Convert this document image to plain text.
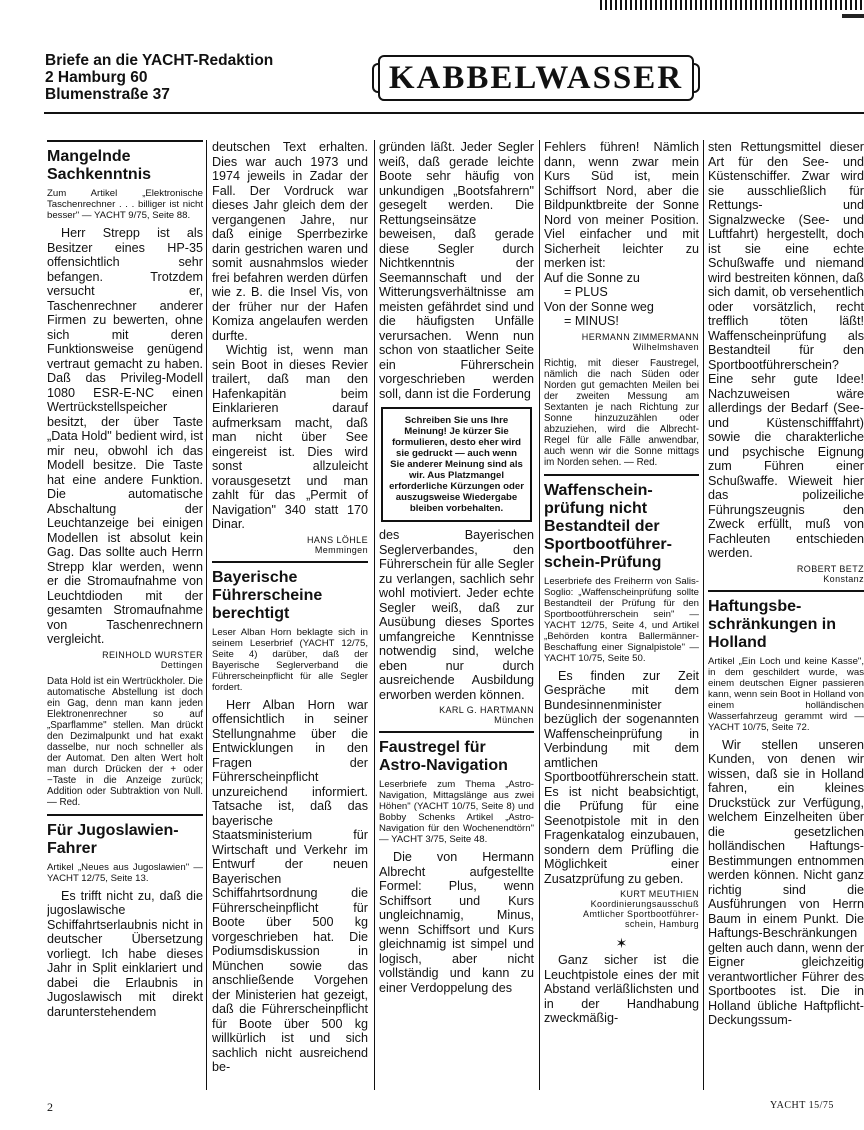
Briefe an die YACHT-Redaktion
2 Hamburg 60
Blumenstraße 37	KABBELWASSER
Mangelnde Sachkenntnis

Zum Artikel „Elektronische Taschenrechner . . . billiger ist nicht besser" — YACHT 9/75, Seite 88.

Herr Strepp ist als Besitzer eines HP-35 offensichtlich sehr befangen. Trotzdem versucht er, Taschenrechner anderer Firmen zu bewerten, ohne sich mit deren Funktionsweise genügend vertraut gemacht zu haben. Daß das Privileg-Modell 1080 ESR-E-NC einen Wertrückstellspeicher besitzt, der über Taste „Data Hold" bedient wird, ist mir neu, obwohl ich das Modell besitze. Die Taste hat eine andere Funktion. Die automatische Abschaltung der Leuchtanzeige bei einigen Modellen ist absolut kein Gag. Das sollte auch Herrn Strepp klar werden, wenn er die Stromaufnahme von Leuchtdioden mit der gesamten Stromaufnahme von Taschenrechnern vergleicht.

REINHOLD WURSTER
Dettingen

Data Hold ist ein Wertrückholer. Die automatische Abstellung ist doch ein Gag, denn man kann jeden Elektronenrechner so auf „Sparflamme" stellen. Man drückt den Dezimalpunkt und hat exakt dasselbe, nur noch schneller als der Automat. Den alten Wert holt man durch Drücken der + oder −Taste in die Anzeige zurück; Addition oder Subtraktion von Null. — Red.

Für Jugoslawien-Fahrer

Artikel „Neues aus Jugoslawien" — YACHT 12/75, Seite 13.

Es trifft nicht zu, daß die jugoslawische Schiffahrtserlaubnis nicht in deutscher Übersetzung vorliegt. Ich habe dieses Jahr in Split einklariert und dabei die Erlaubnis in Jugoslawisch mit direkt darunterstehendem

deutschen Text erhalten. Dies war auch 1973 und 1974 jeweils in Zadar der Fall. Der Vordruck war dieses Jahr gleich dem der vergangenen Jahre, nur daß einige Sperrbezirke darin gestrichen waren und somit ausnahmslos wieder frei befahren werden dürfen wie z. B. die Insel Vis, von der früher nur der Hafen Komiza angelaufen werden durfte.

Wichtig ist, wenn man sein Boot in dieses Revier trailert, daß man den Hafenkapitän beim Einklarieren darauf aufmerksam macht, daß man nicht über See eingereist ist. Dies wird sonst allzuleicht vorausgesetzt und man zahlt für das „Permit of Navigation" 340 statt 170 Dinar.

HANS LÖHLE
Memmingen
Bayerische Führerscheine berechtigt

Leser Alban Horn beklagte sich in seinem Leserbrief (YACHT 12/75, Seite 4) darüber, daß der Bayerische Seglerverband die Führerscheinpflicht für alle Segler fordert.

Herr Alban Horn war offensichtlich in seiner Stellungnahme über die Entwicklungen in den Fragen der Führerscheinpflicht unzureichend informiert. Tatsache ist, daß das bayerische Staatsministerium für Wirtschaft und Verkehr im Entwurf der neuen Bayerischen Schiffahrtsordnung die Führerscheinpflicht für Boote über 500 kg vorgeschrieben hat. Die Podiumsdiskussion in München sowie das anschließende Vorgehen der Ministerien hat gezeigt, daß die Führerscheinpflicht für Boote über 500 kg willkürlich ist und sich sachlich nicht ausreichend be-

gründen läßt. Jeder Segler weiß, daß gerade leichte Boote sehr häufig von unkundigen „Bootsfahrern" gesegelt werden. Die Rettungseinsätze beweisen, daß gerade diese Segler durch Nichtkenntnis der Seemannschaft und der Witterungsverhältnisse am meisten gefährdet sind und die häufigsten Unfälle verursachen. Wenn nun schon von staatlicher Seite ein Führerschein vorgeschrieben werden soll, dann ist die Forderung

Schreiben Sie uns Ihre Meinung! Je kürzer Sie formulieren, desto eher wird sie gedruckt — auch wenn Sie anderer Meinung sind als wir. Aus Platzmangel erforderliche Kürzungen oder auszugsweise Wiedergabe bleiben vorbehalten.

des Bayerischen Seglerverbandes, den Führerschein für alle Segler zu verlangen, sachlich sehr wohl motiviert. Jeder echte Segler weiß, daß zur Ausübung dieses Sportes umfangreiche Kenntnisse notwendig sind, welche eben nur durch ausreichende Ausbildung erworben werden können.

KARL G. HARTMANN
München
Faustregel für Astro-Navigation

Leserbriefe zum Thema „Astro-Navigation, Mittagslänge aus zwei Höhen" (YACHT 10/75, Seite 8) und Bobby Schenks Artikel „Astro-Navigation für den Wochenendtörn" — YACHT 3/75, Seite 48.

Die von Hermann Albrecht aufgestellte Formel: Plus, wenn Schiffsort und Kurs ungleichnamig, Minus, wenn Schiffsort und Kurs gleichnamig ist simpel und logisch, aber nicht vollständig und kann zu einer Verdoppelung des

Fehlers führen! Nämlich dann, wenn zwar mein Kurs Süd ist, mein Schiffsort Nord, aber die Bildpunktbreite der Sonne Nord von meiner Position. Viel einfacher und mit Sicherheit leichter zu merken ist:

Auf die Sonne zu
= PLUS
Von der Sonne weg
= MINUS!
HERMANN ZIMMERMANN
Wilhelmshaven

Richtig, mit dieser Faustregel, nämlich die nach Süden oder Norden gut gemachten Meilen bei der zweiten Messung am Sextanten je nach Richtung zur Sonne hinzuzuzählen oder abzuziehen, wird die Albrecht-Regel für alle Fälle anwendbar, auch wenn wir die Sonne mittags im Norden sehen. — Red.

Waffenschein-prüfung nicht Bestandteil der Sportbootführer-schein-Prüfung

Leserbriefe des Freiherrn von Salis-Soglio: „Waffenscheinprüfung sollte Bestandteil der Prüfung für den Sportbootführerschein sein" — YACHT 12/75, Seite 4, und Artikel „Behörden kontra Ballermänner-Beschaffung einer Signalpistole" — YACHT 10/75, Seite 50.

Es finden zur Zeit Gespräche mit dem Bundesinnenminister bezüglich der sogenannten Waffenscheinprüfung in Verbindung mit dem amtlichen Sportbootführerschein statt. Es ist nicht beabsichtigt, die Prüfung für eine Seenotpistole mit in den Fragenkatalog einzubauen, sondern dem Prüfling die Möglichkeit einer Zusatzprüfung zu geben.

KURT MEUTHIEN
Koordinierungsausschuß
Amtlicher Sportbootführer-
schein, Hamburg
✶

Ganz sicher ist die Leuchtpistole eines der mit Abstand verläßlichsten und in der Handhabung zweckmäßig-

sten Rettungsmittel dieser Art für den See- und Küstenschiffer. Zwar wird sie ausschließlich für Rettungs- und Signalzwecke (See- und Luftfahrt) hergestellt, doch ist sie eine echte Schußwaffe und niemand wird bestreiten können, daß sich damit, ob versehentlich oder vorsätzlich, recht trefflich töten läßt! Waffenscheinprüfung als Bestandteil für den Sportbootführerschein? Eine sehr gute Idee! Nachzuweisen wäre allerdings der Bedarf (See- und Küstenschifffahrt) sowie die charakterliche und psychische Eignung zum Führen einer Schußwaffe. Wieweit hier das polizeiliche Führungszeugnis den Zweck erfüllt, muß von Fachleuten entschieden werden.

ROBERT BETZ
Konstanz
Haftungsbe-schränkungen in Holland

Artikel „Ein Loch und keine Kasse", in dem geschildert wurde, was einem deutschen Eigner passieren kann, wenn sein Boot in Holland von einem holländischen Wasserfahrzeug gerammt wird — YACHT 10/75, Seite 72.

Wir stellen unseren Kunden, von denen wir wissen, daß sie in Holland fahren, ein kleines Druckstück zur Verfügung, welchem Einzelheiten über die gesetzlichen holländischen Haftungs-Bestimmungen entnommen werden können. Nicht ganz richtig sind die Ausführungen von Herrn Baum in einem Punkt. Die Haftungs-Beschränkungen gelten auch dann, wenn der Eigner gleichzeitig verantwortlicher Führer des Sportbootes ist. Die in Holland übliche Haftpflicht-Deckungssum-

2	YACHT 15/75
